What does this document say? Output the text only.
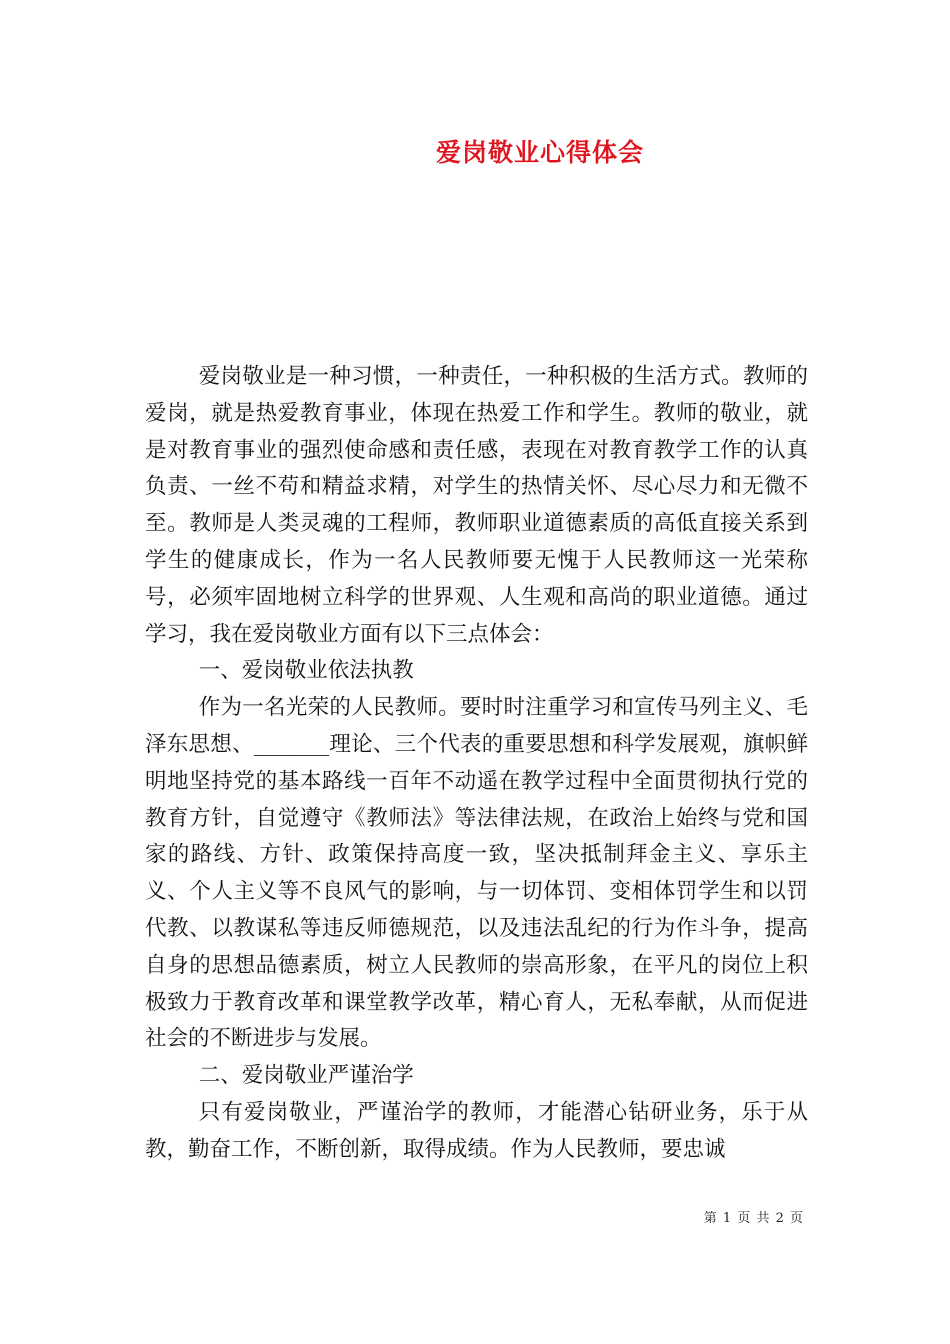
爱岗敬业心得体会

爱岗敬业是一种习惯，一种责任，一种积极的生活方式。教师的爱岗，就是热爱教育事业，体现在热爱工作和学生。教师的敬业，就是对教育事业的强烈使命感和责任感，表现在对教育教学工作的认真负责、一丝不苟和精益求精，对学生的热情关怀、尽心尽力和无微不至。教师是人类灵魂的工程师，教师职业道德素质的高低直接关系到学生的健康成长，作为一名人民教师要无愧于人民教师这一光荣称号，必须牢固地树立科学的世界观、人生观和高尚的职业道德。通过学习，我在爱岗敬业方面有以下三点体会：

一、爱岗敬业依法执教

作为一名光荣的人民教师。要时时注重学习和宣传马列主义、毛泽东思想、_______理论、三个代表的重要思想和科学发展观，旗帜鲜明地坚持党的基本路线一百年不动遥在教学过程中全面贯彻执行党的教育方针，自觉遵守《教师法》等法律法规，在政治上始终与党和国家的路线、方针、政策保持高度一致，坚决抵制拜金主义、享乐主义、个人主义等不良风气的影响，与一切体罚、变相体罚学生和以罚代教、以教谋私等违反师德规范，以及违法乱纪的行为作斗争，提高自身的思想品德素质，树立人民教师的崇高形象，在平凡的岗位上积极致力于教育改革和课堂教学改革，精心育人，无私奉献，从而促进社会的不断进步与发展。

二、爱岗敬业严谨治学

只有爱岗敬业，严谨治学的教师，才能潜心钻研业务，乐于从教，勤奋工作，不断创新，取得成绩。作为人民教师，要忠诚

第 1 页 共 2 页
